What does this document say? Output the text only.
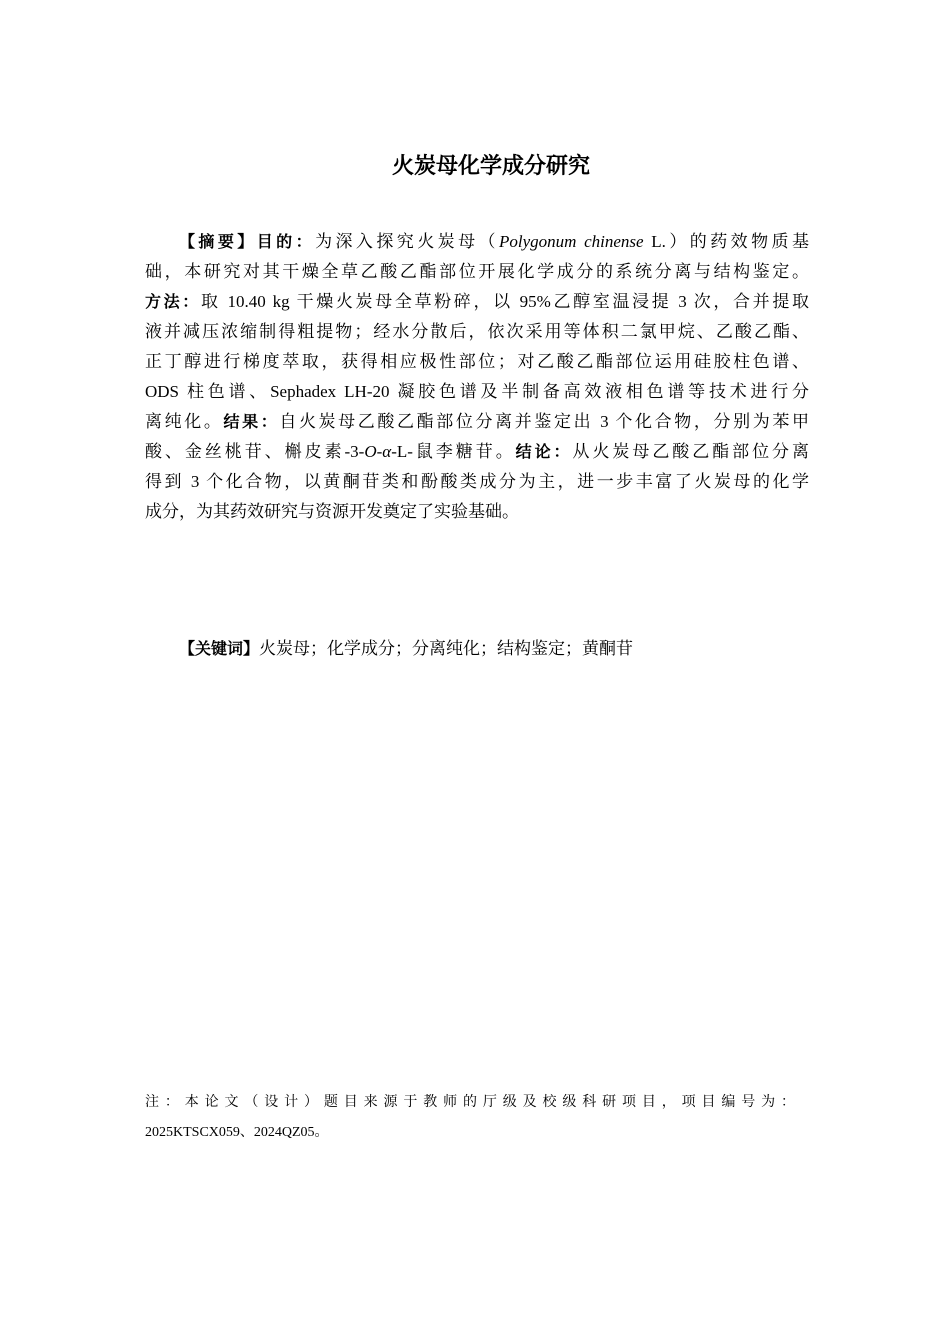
火炭母化学成分研究
【摘要】目的：为深入探究火炭母（Polygonum chinense L.）的药效物质基
础，本研究对其干燥全草乙酸乙酯部位开展化学成分的系统分离与结构鉴定。
方法：取 10.40 kg 干燥火炭母全草粉碎，以 95%乙醇室温浸提 3 次，合并提取
液并减压浓缩制得粗提物；经水分散后，依次采用等体积二氯甲烷、乙酸乙酯、
正丁醇进行梯度萃取，获得相应极性部位；对乙酸乙酯部位运用硅胶柱色谱、
ODS 柱色谱、Sephadex LH-20 凝胶色谱及半制备高效液相色谱等技术进行分
离纯化。结果：自火炭母乙酸乙酯部位分离并鉴定出 3 个化合物，分别为苯甲
酸、金丝桃苷、槲皮素-3-O-α-L-鼠李糖苷。结论：从火炭母乙酸乙酯部位分离
得到 3 个化合物，以黄酮苷类和酚酸类成分为主，进一步丰富了火炭母的化学
成分，为其药效研究与资源开发奠定了实验基础。

【关键词】火炭母；化学成分；分离纯化；结构鉴定；黄酮苷

注：本论文（设计）题目来源于教师的厅级及校级科研项目，项目编号为：
2025KTSCX059、2024QZ05。
